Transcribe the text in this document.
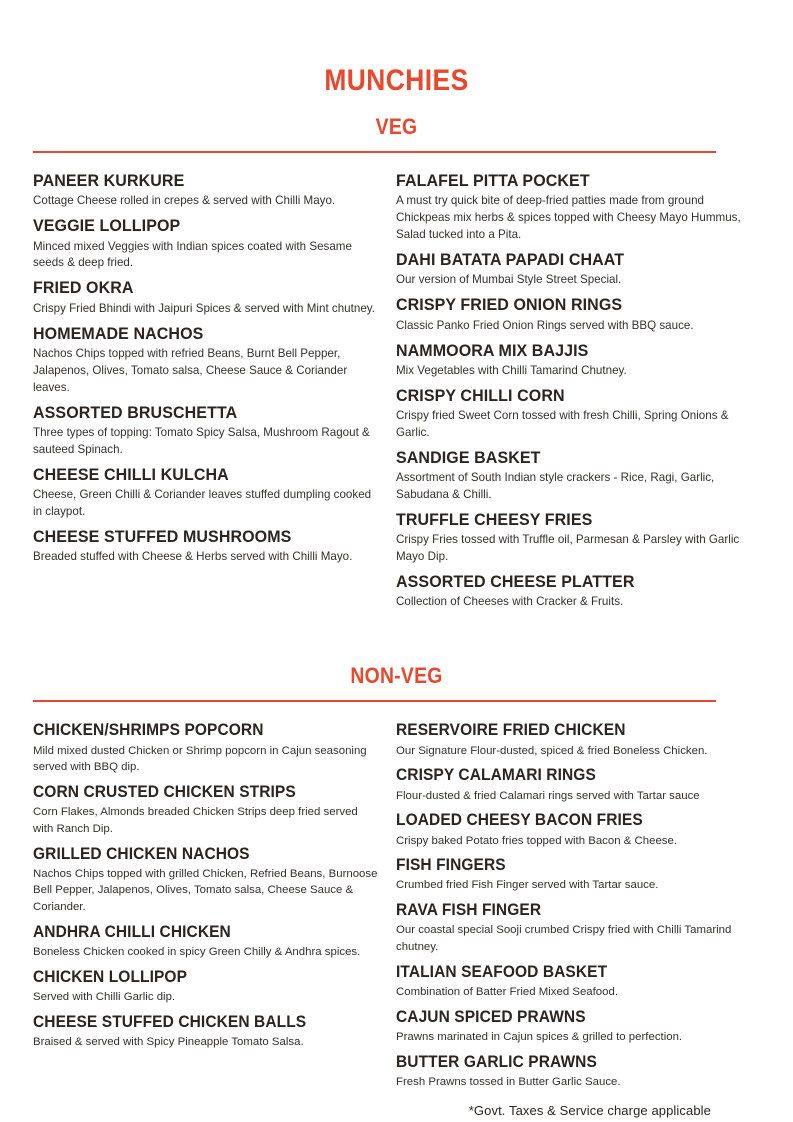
MUNCHIES
VEG
PANEER KURKURE
Cottage Cheese rolled in crepes & served with Chilli Mayo.
VEGGIE LOLLIPOP
Minced mixed Veggies with Indian spices coated with Sesame seeds & deep fried.
FRIED OKRA
Crispy Fried Bhindi with Jaipuri Spices & served with Mint chutney.
HOMEMADE NACHOS
Nachos Chips topped with refried Beans, Burnt Bell Pepper, Jalapenos, Olives, Tomato salsa, Cheese Sauce & Coriander leaves.
ASSORTED BRUSCHETTA
Three types of topping: Tomato Spicy Salsa, Mushroom Ragout & sauteed Spinach.
CHEESE CHILLI KULCHA
Cheese, Green Chilli & Coriander leaves stuffed dumpling cooked in claypot.
CHEESE STUFFED MUSHROOMS
Breaded stuffed with Cheese & Herbs served with Chilli Mayo.
FALAFEL PITTA POCKET
A must try quick bite of deep-fried patties made from ground Chickpeas mix herbs & spices topped with Cheesy Mayo Hummus, Salad tucked into a Pita.
DAHI BATATA PAPADI CHAAT
Our version of Mumbai Style Street Special.
CRISPY FRIED ONION RINGS
Classic Panko Fried Onion Rings served with BBQ sauce.
NAMMOORA MIX BAJJIS
Mix Vegetables with Chilli Tamarind Chutney.
CRISPY CHILLI CORN
Crispy fried Sweet Corn tossed with fresh Chilli, Spring Onions & Garlic.
SANDIGE BASKET
Assortment of South Indian style crackers - Rice, Ragi, Garlic, Sabudana & Chilli.
TRUFFLE CHEESY FRIES
Crispy Fries tossed with Truffle oil, Parmesan & Parsley with Garlic Mayo Dip.
ASSORTED CHEESE PLATTER
Collection of Cheeses with Cracker & Fruits.
NON-VEG
CHICKEN/SHRIMPS POPCORN
Mild mixed dusted Chicken or Shrimp popcorn in Cajun seasoning served with BBQ dip.
CORN CRUSTED CHICKEN STRIPS
Corn Flakes, Almonds breaded Chicken Strips deep fried served with Ranch Dip.
GRILLED CHICKEN NACHOS
Nachos Chips topped with grilled Chicken, Refried Beans, Burnoose Bell Pepper, Jalapenos, Olives, Tomato salsa, Cheese Sauce & Coriander.
ANDHRA CHILLI CHICKEN
Boneless Chicken cooked in spicy Green Chilly & Andhra spices.
CHICKEN LOLLIPOP
Served with Chilli Garlic dip.
CHEESE STUFFED CHICKEN BALLS
Braised & served with Spicy Pineapple Tomato Salsa.
RESERVOIRE FRIED CHICKEN
Our Signature Flour-dusted, spiced & fried Boneless Chicken.
CRISPY CALAMARI RINGS
Flour-dusted & fried Calamari rings served with Tartar sauce
LOADED CHEESY BACON FRIES
Crispy baked Potato fries topped with Bacon & Cheese.
FISH FINGERS
Crumbed fried Fish Finger served with Tartar sauce.
RAVA FISH FINGER
Our coastal special Sooji crumbed Crispy fried with Chilli Tamarind chutney.
ITALIAN SEAFOOD BASKET
Combination of Batter Fried Mixed Seafood.
CAJUN SPICED PRAWNS
Prawns marinated in Cajun spices & grilled to perfection.
BUTTER GARLIC PRAWNS
Fresh Prawns tossed in Butter Garlic Sauce.
*Govt. Taxes & Service charge applicable
